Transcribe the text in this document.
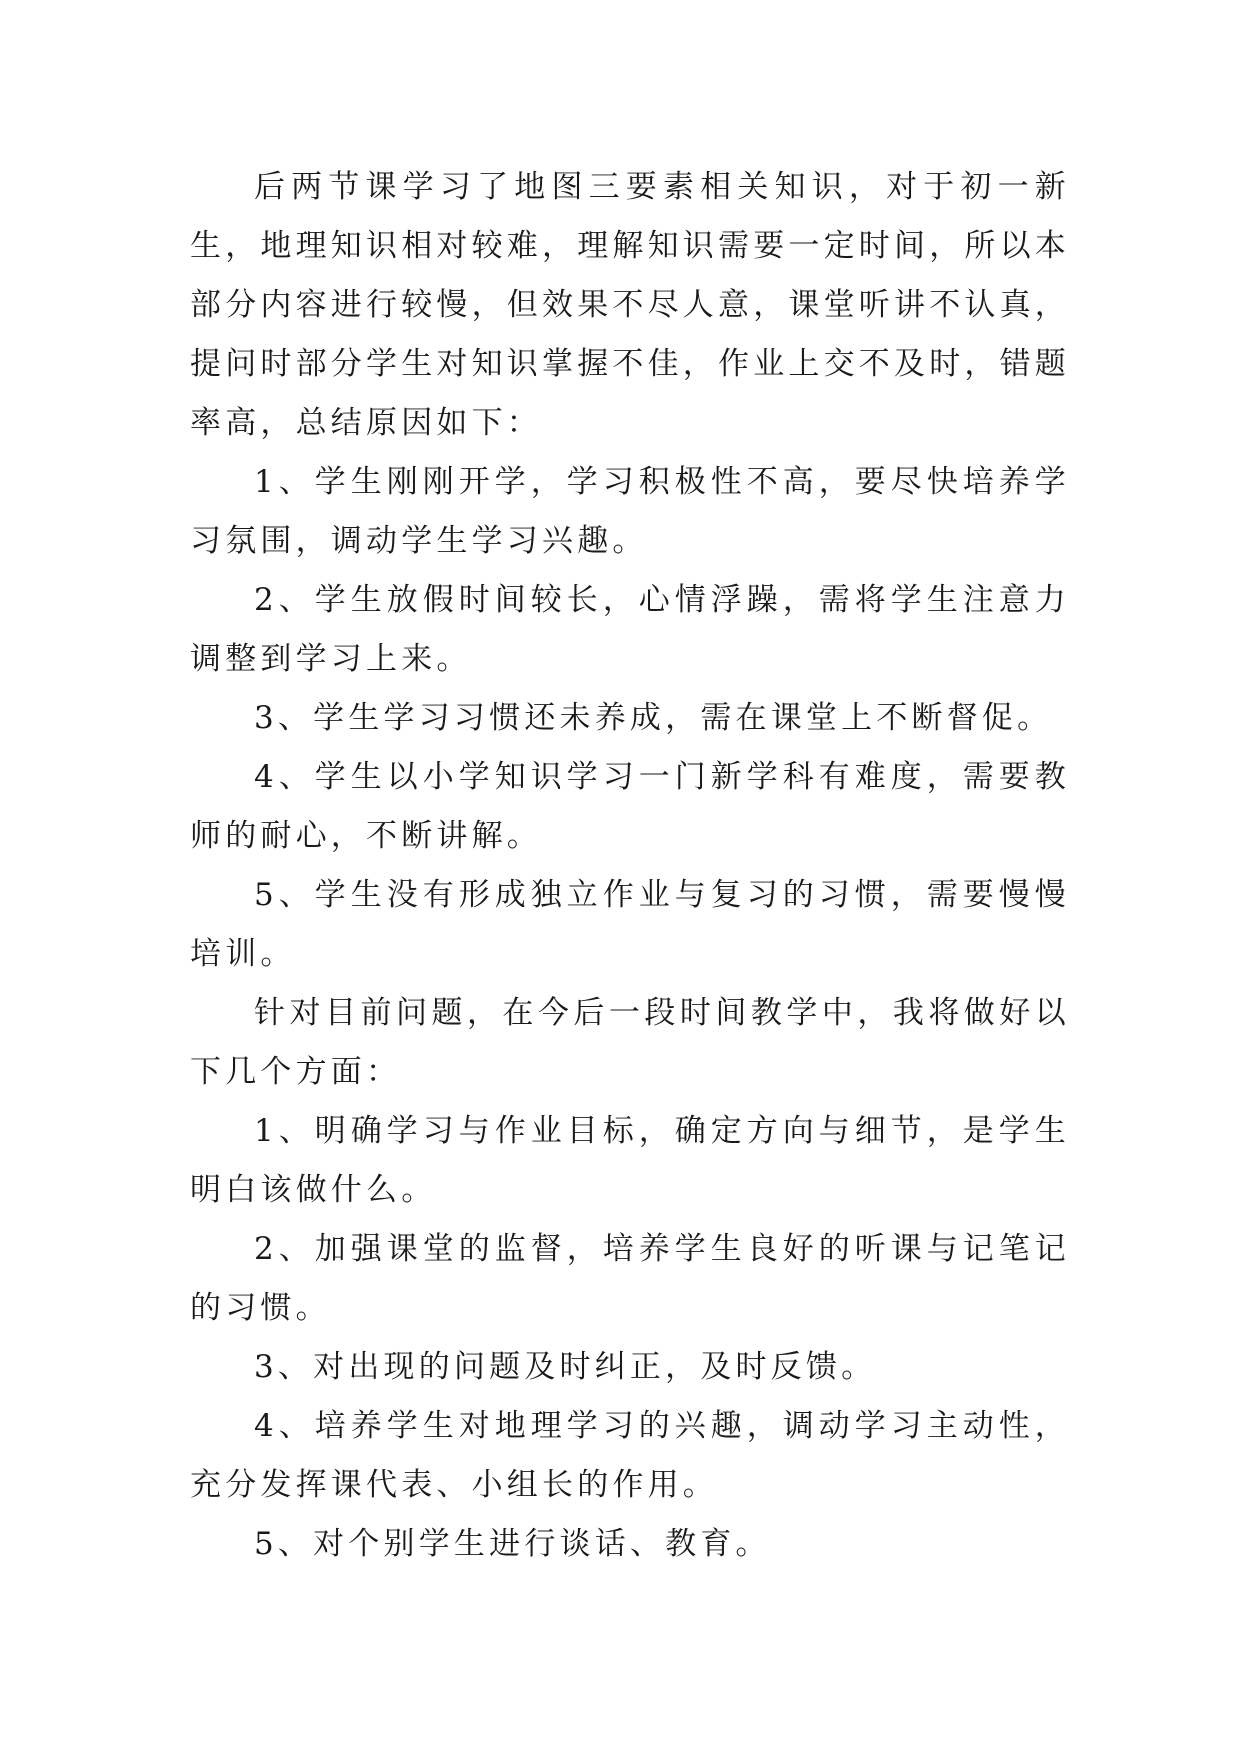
后两节课学习了地图三要素相关知识，对于初一新生，地理知识相对较难，理解知识需要一定时间，所以本部分内容进行较慢，但效果不尽人意，课堂听讲不认真，提问时部分学生对知识掌握不佳，作业上交不及时，错题率高，总结原因如下：

1、学生刚刚开学，学习积极性不高，要尽快培养学习氛围，调动学生学习兴趣。

2、学生放假时间较长，心情浮躁，需将学生注意力调整到学习上来。

3、学生学习习惯还未养成，需在课堂上不断督促。

4、学生以小学知识学习一门新学科有难度，需要教师的耐心，不断讲解。

5、学生没有形成独立作业与复习的习惯，需要慢慢培训。

针对目前问题，在今后一段时间教学中，我将做好以下几个方面：

1、明确学习与作业目标，确定方向与细节，是学生明白该做什么。

2、加强课堂的监督，培养学生良好的听课与记笔记的习惯。

3、对出现的问题及时纠正，及时反馈。

4、培养学生对地理学习的兴趣，调动学习主动性，充分发挥课代表、小组长的作用。

5、对个别学生进行谈话、教育。
